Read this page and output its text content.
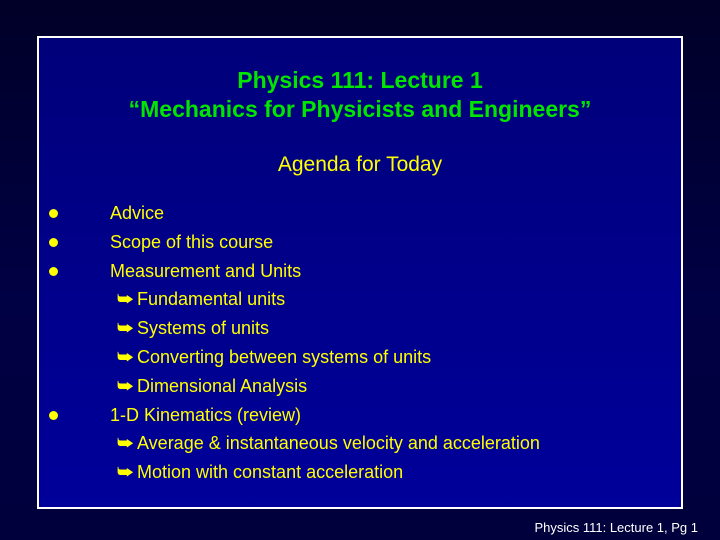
Physics 111: Lecture 1
“Mechanics for Physicists and Engineers”
Agenda for Today
Advice
Scope of this course
Measurement and Units
⮩ Fundamental units
⮩ Systems of units
⮩ Converting between systems of units
⮩ Dimensional Analysis
1-D Kinematics (review)
⮩ Average & instantaneous velocity and acceleration
⮩ Motion with constant acceleration
Physics 111: Lecture 1, Pg 1
